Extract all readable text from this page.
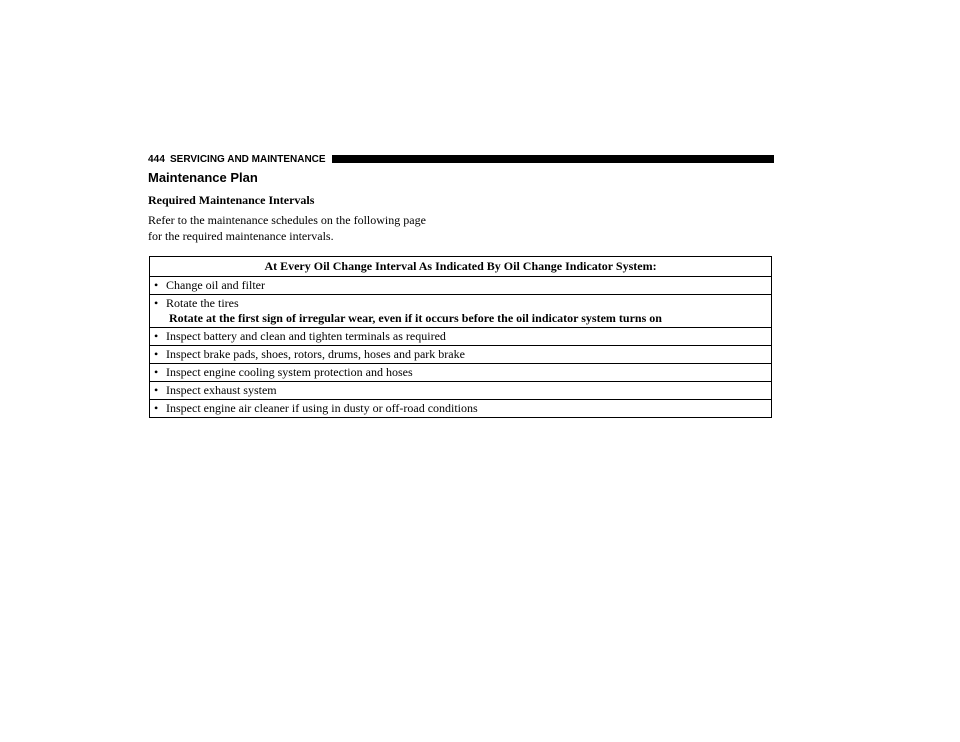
444 SERVICING AND MAINTENANCE
Maintenance Plan
Required Maintenance Intervals
Refer to the maintenance schedules on the following page
for the required maintenance intervals.
At Every Oil Change Interval As Indicated By Oil Change Indicator System:
• Change oil and filter
• Rotate the tires
Rotate at the first sign of irregular wear, even if it occurs before the oil indicator system turns on

• Inspect battery and clean and tighten terminals as required
• Inspect brake pads, shoes, rotors, drums, hoses and park brake
• Inspect engine cooling system protection and hoses
• Inspect exhaust system
• Inspect engine air cleaner if using in dusty or off-road conditions
